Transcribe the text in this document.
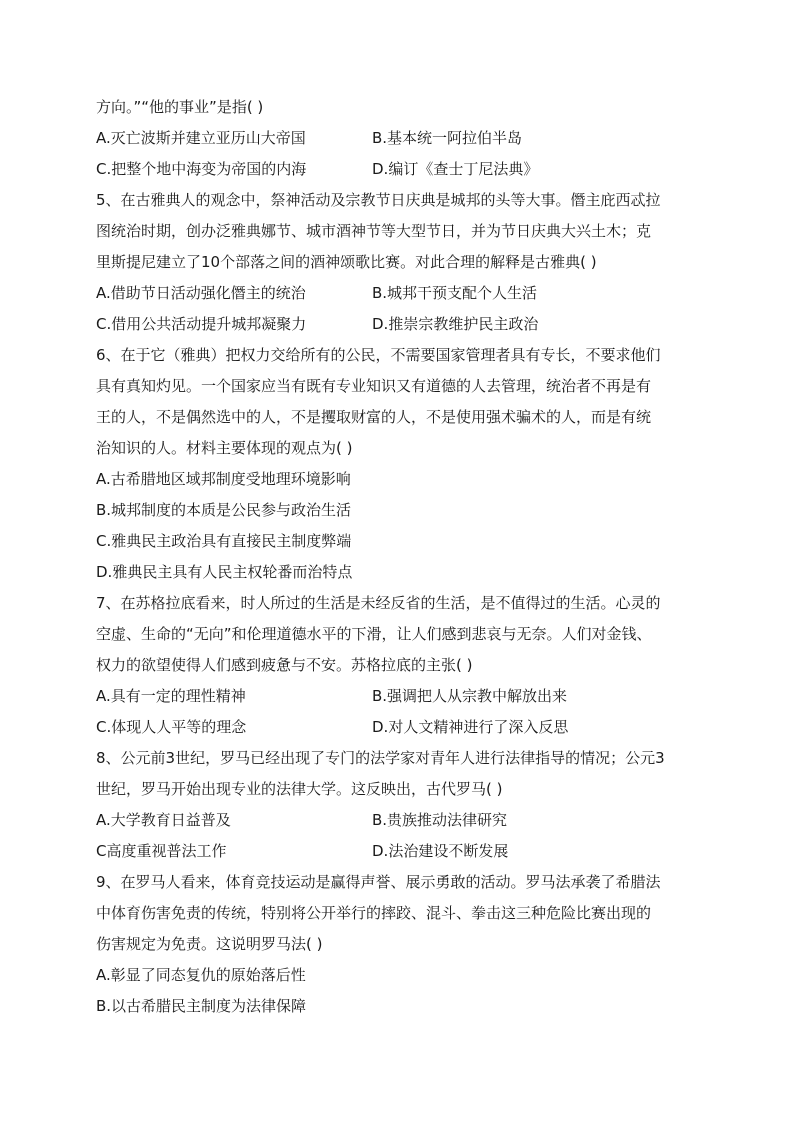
方向。”“他的事业”是指( )
A.灭亡波斯并建立亚历山大帝国	B.基本统一阿拉伯半岛
C.把整个地中海变为帝国的内海	D.编订《查士丁尼法典》
5、在古雅典人的观念中，祭神活动及宗教节日庆典是城邦的头等大事。僭主庇西忒拉
图统治时期，创办泛雅典娜节、城市酒神节等大型节日，并为节日庆典大兴土木；克
里斯提尼建立了10个部落之间的酒神颂歌比赛。对此合理的解释是古雅典( )
A.借助节日活动强化僭主的统治	B.城邦干预支配个人生活
C.借用公共活动提升城邦凝聚力	D.推崇宗教维护民主政治
6、在于它（雅典）把权力交给所有的公民，不需要国家管理者具有专长，不要求他们
具有真知灼见。一个国家应当有既有专业知识又有道德的人去管理，统治者不再是有
王的人，不是偶然选中的人，不是攫取财富的人，不是使用强术骗术的人，而是有统
治知识的人。材料主要体现的观点为( )
A.古希腊地区域邦制度受地理环境影响
B.城邦制度的本质是公民参与政治生活
C.雅典民主政治具有直接民主制度弊端
D.雅典民主具有人民主权轮番而治特点
7、在苏格拉底看来，时人所过的生活是未经反省的生活，是不值得过的生活。心灵的
空虚、生命的“无向”和伦理道德水平的下滑，让人们感到悲哀与无奈。人们对金钱、
权力的欲望使得人们感到疲惫与不安。苏格拉底的主张( )
A.具有一定的理性精神	B.强调把人从宗教中解放出来
C.体现人人平等的理念	D.对人文精神进行了深入反思
8、公元前3世纪，罗马已经出现了专门的法学家对青年人进行法律指导的情况；公元3
世纪，罗马开始出现专业的法律大学。这反映出，古代罗马( )
A.大学教育日益普及	B.贵族推动法律研究
C高度重视普法工作	D.法治建设不断发展
9、在罗马人看来，体育竞技运动是赢得声誉、展示勇敢的活动。罗马法承袭了希腊法
中体育伤害免责的传统，特别将公开举行的摔跤、混斗、拳击这三种危险比赛出现的
伤害规定为免责。这说明罗马法( )
A.彰显了同态复仇的原始落后性
B.以古希腊民主制度为法律保障
